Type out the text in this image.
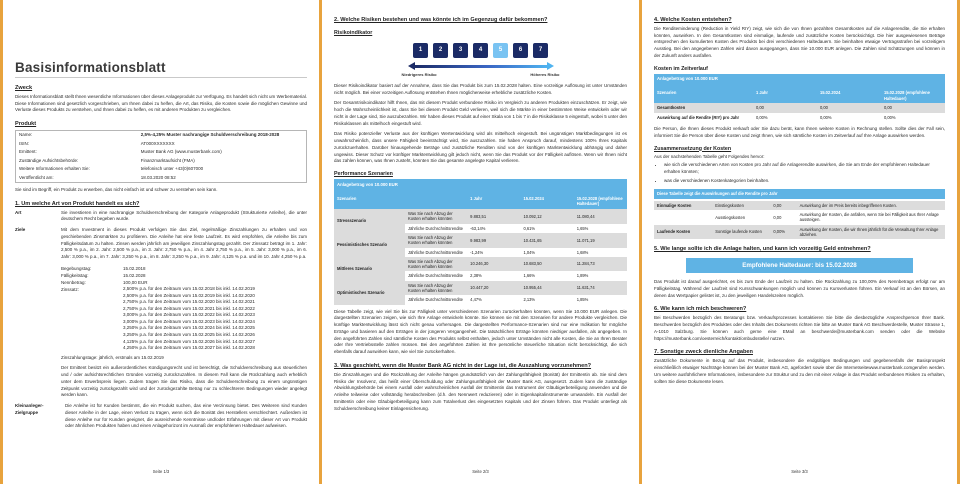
Basisinformationsblatt
Zweck

Dieses Informationsblatt stellt Ihnen wesentliche Informationen über dieses Anlageprodukt zur Verfügung. Es handelt sich nicht um Werbematerial. Diese Informationen sind gesetzlich vorgeschrieben, um Ihnen dabei zu helfen, die Art, das Risiko, die Kosten sowie die möglichen Gewinne und Verluste dieses Produkts zu verstehen, und Ihnen dabei zu helfen, es mit anderen Produkten zu vergleichen.

Produkt
Name:	2,5%-4,25% Muster nachrangige Schuldverschreibung 2018-2028
ISIN:	AT000XXXXXXX
Emittent:	Muster Bank AG (www.musterbank.com)
Zuständige Aufsichtsbehörde:	Finanzmarktaufsicht (FMA)
Weitere Informationen erhalten Sie:	telefonisch unter +43(0)607000
Veröffentlicht am:	18.03.2020 08:52

Sie sind im Begriff, ein Produkt zu erwerben, das nicht einfach ist und schwer zu verstehen sein kann.

1. Um welche Art von Produkt handelt es sich?
Art	Sie investieren in eine nachrangige Schuldverschreibung der Kategorie Anlageprodukt (Strukturierte Anleihe), die unter deutschem Recht begeben wurde.
Ziele	Mit dem Investment in dieses Produkt verfolgen Sie das Ziel, regelmäßige Zinszahlungen zu erhalten und von geschiebenden Zinsmärkten zu profitieren. Die Anleihe hat eine feste Laufzeit. Es wird empfohlen, die Anleihe bis zum Fälligkeitsdatum zu halten. Zinsen werden jährlich am jeweiligen Zinszahlungstag gezahlt. Der Zinssatz beträgt im 1. Jahr: 2,500 % p.a., im 2. Jahr: 2,500 % p.a., im 3. Jahr: 2,750 % p.a., im 4. Jahr 2,750 % p.a., im 5. Jahr: 3,000 % p.a., im 6. Jahr: 3,000 % p.a., im 7. Jahr: 3,250 % p.a., im 8. Jahr: 3,250 % p.a., im 9. Jahr: 4,125 % p.a. und im 10. Jahr 4,250 % p.a.
Begebungstag:	15.02.2018
Fälligkeitstag:	15.02.2028
Nennbetrag:	100,00 EUR
Zinssatz:	2,500% p.a. für den Zeitraum vom 15.02.2018 bis inkl. 14.02.2019
2,500% p.a. für den Zeitraum vom 15.02.2019 bis inkl. 14.02.2020
2,750% p.a. für den Zeitraum vom 15.02.2020 bis inkl. 14.02.2021
2,750% p.a. für den Zeitraum vom 15.02.2021 bis inkl. 14.02.2022
3,000% p.a. für den Zeitraum vom 15.02.2022 bis inkl. 14.02.2023
3,000% p.a. für den Zeitraum vom 15.02.2023 bis inkl. 14.02.2024
3,250% p.a. für den Zeitraum vom 15.02.2024 bis inkl. 14.02.2025
3,250% p.a. für den Zeitraum vom 15.02.2025 bis inkl. 14.02.2026
4,125% p.a. für den Zeitraum vom 15.02.2026 bis inkl. 14.02.2027
4,250% p.a. für den Zeitraum vom 15.02.2027 bis inkl. 14.02.2028

Zinszahlungstage: jährlich, erstmals am 15.02.2019

Der Emittent besitzt ein außerordentliches Kündigungsrecht und ist berechtigt, die Schuldverschreibung aus steuerlichen und / oder aufsichtsrechtlichen Gründen vorzeitig zurückzuzahlen. In diesem Fall kann die Rückzahlung auch erheblich unter dem Erwerbspreis liegen. Zudem tragen Sie das Risiko, dass die Schuldverschreibung zu einem ungünstigen Zeitpunkt vorzeitig zurückgezahlt wird und der zurückgezahlte Betrag nur zu schlechteren Bedingungen wieder angelegt werden kann.

Kleinanleger-Zielgruppe
Die Anleihe ist für Kunden bestimmt, die ein Produkt suchen, das eine Verzinsung bietet. Des Weiteren sind Kunden dieser Anleihe in der Lage, einen Verlust zu tragen, wenn sich die Bonität des Herstellers verschlechtert. Außerdem ist diese Anleihe nur für Kunden geeignet, die ausreichende Kenntnisse und/oder Erfahrungen mit dieser Art von Produkt oder ähnlichen Produkten haben und einen Anlagehorizont im Ausmaß der empfohlenen Haltedauer aufweisen.
Seite 1/3
2. Welche Risiken bestehen und was könnte ich im Gegenzug dafür bekommen?
Risikoindikator
1	2	3	4	5	6	7
Niedrigeres Risiko	Höheres Risiko

Dieser Risikoindikator basiert auf der Annahme, dass Sie das Produkt bis zum 15.02.2028 halten. Eine vorzeitige Auflösung ist unter Umständen nicht möglich. Bei einer vorzeitigen Auflösung entstehen Ihnen möglicherweise erhebliche zusätzliche Kosten.

Der Gesamtrisikoindikator hilft Ihnen, das mit diesem Produkt verbundene Risiko im Vergleich zu anderen Produkten einzuschätzen. Er zeigt, wie hoch die Wahrscheinlichkeit ist, dass Sie bei diesem Produkt Geld verlieren, weil sich die Märkte in einer bestimmten Weise entwickeln oder wir nicht in der Lage sind, Sie auszubezahlen. Wir haben dieses Produkt auf einer Skala von 1 bis 7 in die Risikoklasse 5 eingestuft, wobei 5 unter den Risikoklassen als mittelhoch eingestuft wird.

Das Risiko potenzieller Verluste aus der künftigen Wertentwicklung wird als mittelhoch eingestuft. Bei ungünstigen Marktbedingungen ist es unwahrscheinlich, dass unsere Fähigkeit beeinträchtigt wird, Sie auszuzahlen. Sie haben Anspruch darauf, mindestens 100% Ihres Kapitals zurückzuerhalten. Darüber hinausgehende Beträge und zusätzliche Renditen sind von der künftigen Marktentwicklung abhängig und daher ungewiss. Dieser Schutz vor künftiger Marktentwicklung gilt jedoch nicht, wenn Sie das Produkt vor der Fälligkeit auflösen. Wenn wir Ihnen nicht das zahlen können, was Ihnen zusteht, könnten Sie das gesamte angelegte Kapital verlieren.

Performance Szenarien
Anlagebetrag von 10.000 EUR				
Szenarien		1 Jahr	15.02.2024	15.02.2028 (empfohlene Haltedauer)
Stressszenario	Was Sie nach Abzug der Kosten erhalten könnten	9.883,51	10.092,12	11.080,44
	Jährliche Durchschnittsrendite	-63,14%	0,61%	1,65%
Pessimistisches Szenario	Was Sie nach Abzug der Kosten erhalten könnten	9.983,99	10.431,65	11.071,19
	Jährliche Durchschnittsrendite	-1,24%	1,04%	1,68%
Mittleres Szenario	Was Sie nach Abzug der Kosten erhalten könnten	10.246,30	10.683,50	11.284,73
	Jährliche Durchschnittsrendite	2,38%	1,66%	1,89%
Optimistisches Szenario	Was Sie nach Abzug der Kosten erhalten könnten	10.447,20	10.955,44	11.631,74
	Jährliche Durchschnittsrendite	4,47%	2,13%	1,85%

Diese Tabelle zeigt, wie viel Sie bis zur Fälligkeit unter verschiedenen Szenarien zurückerhalten könnten, wenn Sie 10.000 EUR anlegen. Die dargestellten Szenarien zeigen, wie sich Ihre Anlage entwickeln könnte. Sie können sie mit den Szenarien für andere Produkte vergleichen. Die künftige Marktentwicklung lässt sich nicht genau vorhersagen. Die dargestellten Performance-Szenarien sind nur eine Indikation für mögliche Erträge und basieren auf den Erträgen in der jüngeren Vergangenheit. Die tatsächlichen Erträge könnten niedriger ausfallen, als angegeben. In den angeführten Zahlen sind sämtliche Kosten des Produkts selbst enthalten, jedoch unter Umständen nicht alle Kosten, die Sie an Ihren Berater oder Ihre Vertriebsstelle zahlen müssen. Bei den angeführten Zahlen ist Ihre persönliche steuerliche Situation nicht berücksichtigt, die sich ebenfalls darauf auswirken kann, wie viel Sie zurückerhalten.

3. Was geschieht, wenn die Muster Bank AG nicht in der Lage ist, die Auszahlung vorzunehmen?

Die Zinszahlungen und die Rückzahlung der Anleihe hängen grundsätzlich von der Zahlungsfähigkeit (Bonität) der Emittentin ab. Sie sind dem Risiko der Insolvenz, das heißt einer Überschuldung oder Zahlungsunfähigkeit der Muster Bank AG, ausgesetzt. Zudem kann die zuständige Abwicklungsbehörde bei einem Ausfall oder wahrscheinlichen Ausfall der Emittentin das Instrument der Gläubigerbeteiligung anwenden und die Anleihe teilweise oder vollständig herabschreiben (d.h. den Nennwert reduzieren) oder in Eigenkapitalinstrumente umwandeln. Ein Ausfall der Emittentin oder eine Gläubigerbeteiligung kann zum Totalverlust des eingesetzten Kapitals und der Zinsen führen. Das Produkt unterliegt als Schuldverschreibung keiner Einlagensicherung.

Seite 2/3
4. Welche Kosten entstehen?

Die Renditeminderung (Reduction in Yield RIY) zeigt, wie sich die von Ihnen gezahlten Gesamtkosten auf die Anlagerendite, die Sie erhalten könnten, auswirken. In den Gesamtkosten sind einmalige, laufende und zusätzliche Kosten berücksichtigt. Die hier ausgewiesenen Beträge entsprechen den kumulierten Kosten des Produkts bei drei verschiedenen Haltedauern. Sie beinhalten etwaige Vertragsstrafen bei vorzeitigem Ausstieg. Bei den angegebenen Zahlen wird davon ausgegangen, dass Sie 10.000 EUR anlegen. Die Zahlen sind Schätzungen und können in der Zukunft anders ausfallen.

Kosten im Zeitverlauf
Anlagebetrag von 10.000 EUR			
Szenarien	1 Jahr	15.02.2024	15.02.2028 (empfohlene Haltedauer)
Gesamtkosten	0,00	0,00	0,00
Auswirkung auf die Rendite (RIY) pro Jahr	0,00%	0,00%	0,00%

Die Person, die Ihnen dieses Produkt verkauft oder Sie dazu berät, kann Ihnen weitere Kosten in Rechnung stellen. Sollte dies der Fall sein, informiert Sie die Person über diese Kosten und zeigt Ihnen, wie sich sämtliche Kosten im Zeitverlauf auf Ihre Anlage auswirken werden.

Zusammensetzung der Kosten

Aus der nachstehenden Tabelle geht Folgendes hervor:

• wie sich die verschiedenen Arten von Kosten pro Jahr auf die Anlagerendite auswirken, die Sie am Ende der empfohlenen Haltedauer erhalten könnten;
• was die verschiedenen Kostenkategorien beinhalten.
Diese Tabelle zeigt die Auswirkungen auf die Rendite pro Jahr
Einmalige Kosten	Einstiegskosten	0,00	Auswirkung der im Preis bereits inbegriffenen Kosten.
	Ausstiegskosten	0,00	Auswirkung der Kosten, die anfallen, wenn Sie bei Fälligkeit aus Ihrer Anlage aussteigen.
Laufende Kosten	Sonstige laufende Kosten	0,00%	Auswirkung der Kosten, die wir Ihnen jährlich für die Verwaltung Ihrer Anlage abziehen.
5. Wie lange sollte ich die Anlage halten, und kann ich vorzeitig Geld entnehmen?
Empfohlene Haltedauer: bis 15.02.2028

Das Produkt ist darauf ausgerichtet, es bis zum Ende der Laufzeit zu halten. Die Rückzahlung zu 100,00% des Nennbetrags erfolgt nur am Fälligkeitstag. Während der Laufzeit sind Kursschwankungen möglich und können zu Kursverlusten führen. Ein Verkauf ist an den Börsen, an denen das Wertpapier gelistet ist, zu den jeweiligen Handelszeiten möglich.

6. Wie kann ich mich beschweren?

Bei Beschwerden bezüglich des Beratungs bzw. Verkaufsprozesses kontaktieren Sie bitte die diesbezügliche Ansprechperson Ihrer Bank. Beschwerden bezüglich des Produktes oder des Inhalts des Dokuments richten Sie bitte an Muster Bank AG Beschwerdestelle, Muster Strasse 1, A-1010 Salzburg. Sie können auch gerne eine EMail an beschwerde@musterbank.com senden oder die Website https://musterbank.com/oesterreich/kontakt/ombudsstelle/ nutzen.

7. Sonstige zweck dienliche Angaben

Zusätzliche Dokumente in Bezug auf das Produkt, insbesondere die endgültigen Bedingungen und gegebenenfalls der Basisprospekt einschließlich etwaiger Nachträge können bei der Muster Bank AG, agefordert sowie über die Internetseitewww.musterbank.comgerufen werden. Um weitere ausführlichere Informationen, insbesondere zur Struktur und zu den mit einer Anlage in das Produkt verbundenen Risiken zu erhalten, sollten Sie diese Dokumente lesen.

Seite 3/3
